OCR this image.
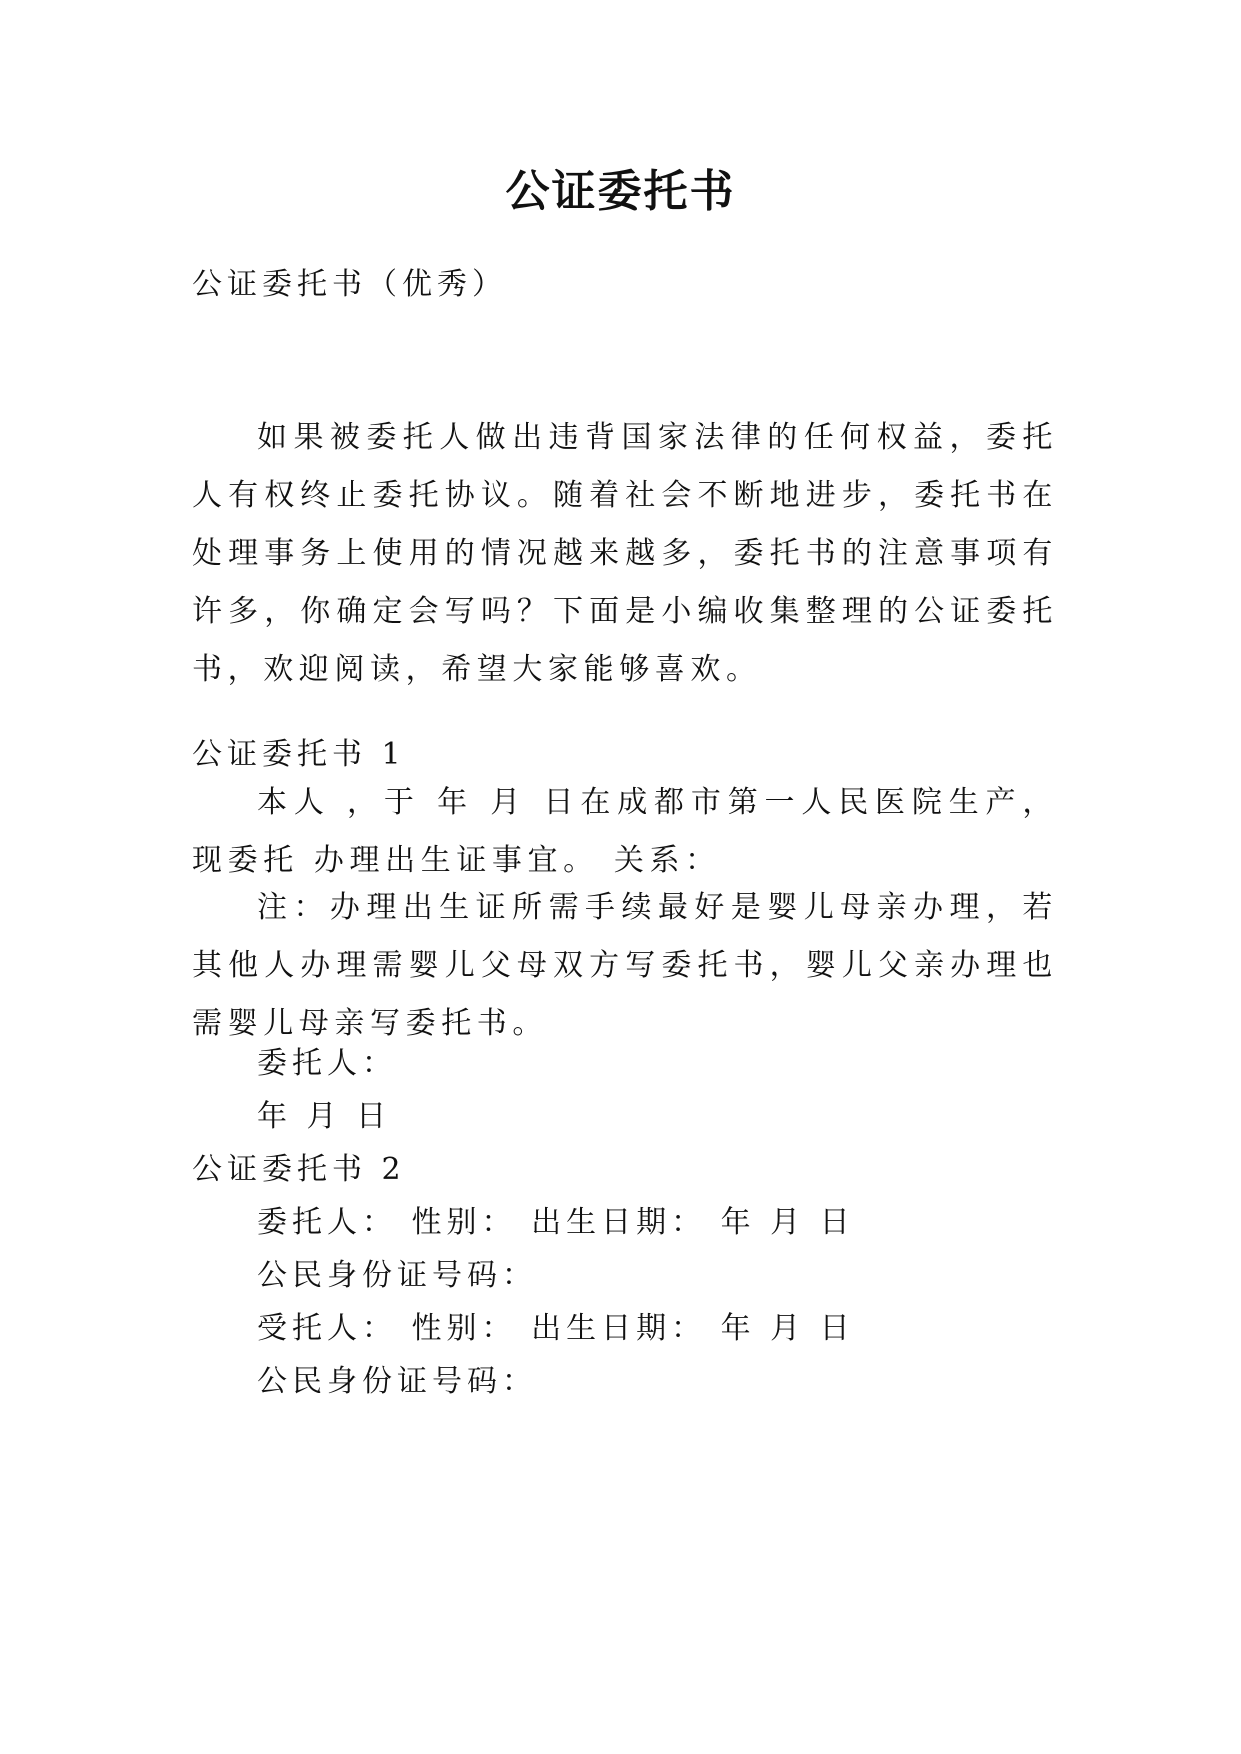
公证委托书
公证委托书（优秀）
如果被委托人做出违背国家法律的任何权益，委托人有权终止委托协议。随着社会不断地进步，委托书在处理事务上使用的情况越来越多，委托书的注意事项有许多，你确定会写吗？下面是小编收集整理的公证委托书，欢迎阅读，希望大家能够喜欢。
公证委托书 1
本人 ，于 年 月 日在成都市第一人民医院生产，现委托 办理出生证事宜。 关系：
注：办理出生证所需手续最好是婴儿母亲办理，若其他人办理需婴儿父母双方写委托书，婴儿父亲办理也需婴儿母亲写委托书。
委托人：
年 月 日
公证委托书 2
委托人： 性别： 出生日期： 年 月 日
公民身份证号码：
受托人： 性别： 出生日期： 年 月 日
公民身份证号码：
